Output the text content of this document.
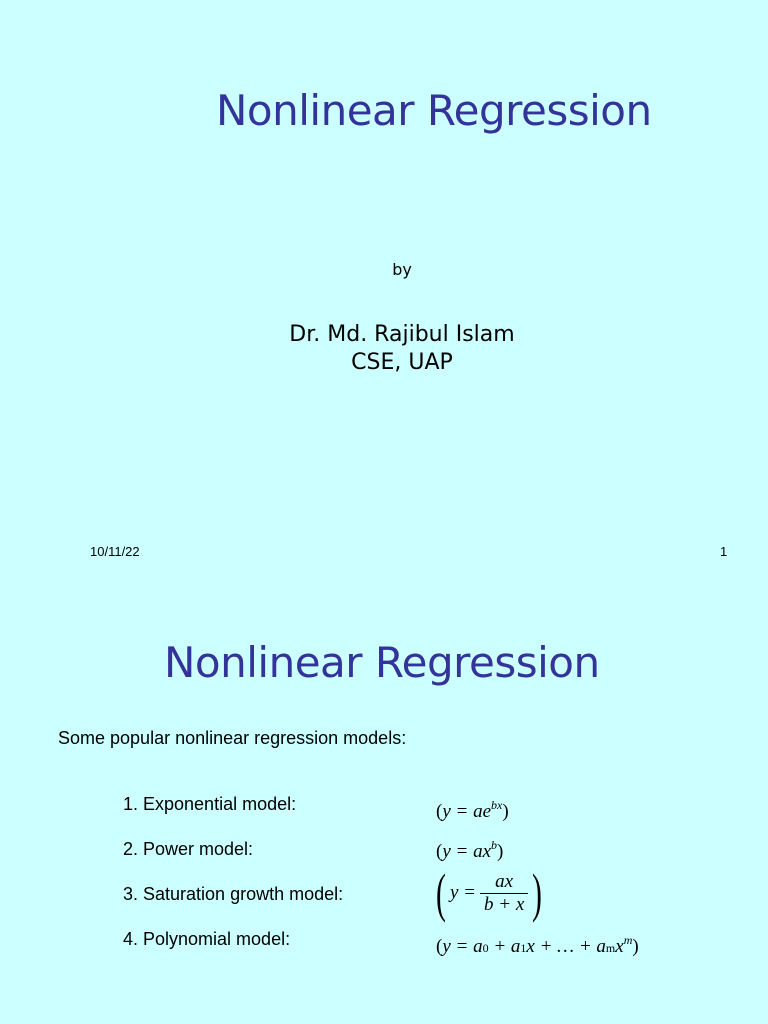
Nonlinear Regression
by
Dr. Md. Rajibul Islam
CSE, UAP
10/11/22	1
Nonlinear Regression
Some popular nonlinear regression models:
1. Exponential model:
2. Power model:
3. Saturation growth model:
4. Polynomial model:
$(y = ae^{bx})$
$(y = ax^b)$
( $y = \frac{ax}{b + x}$ )
(y = a0 + a1x + … + amx$^m$)
